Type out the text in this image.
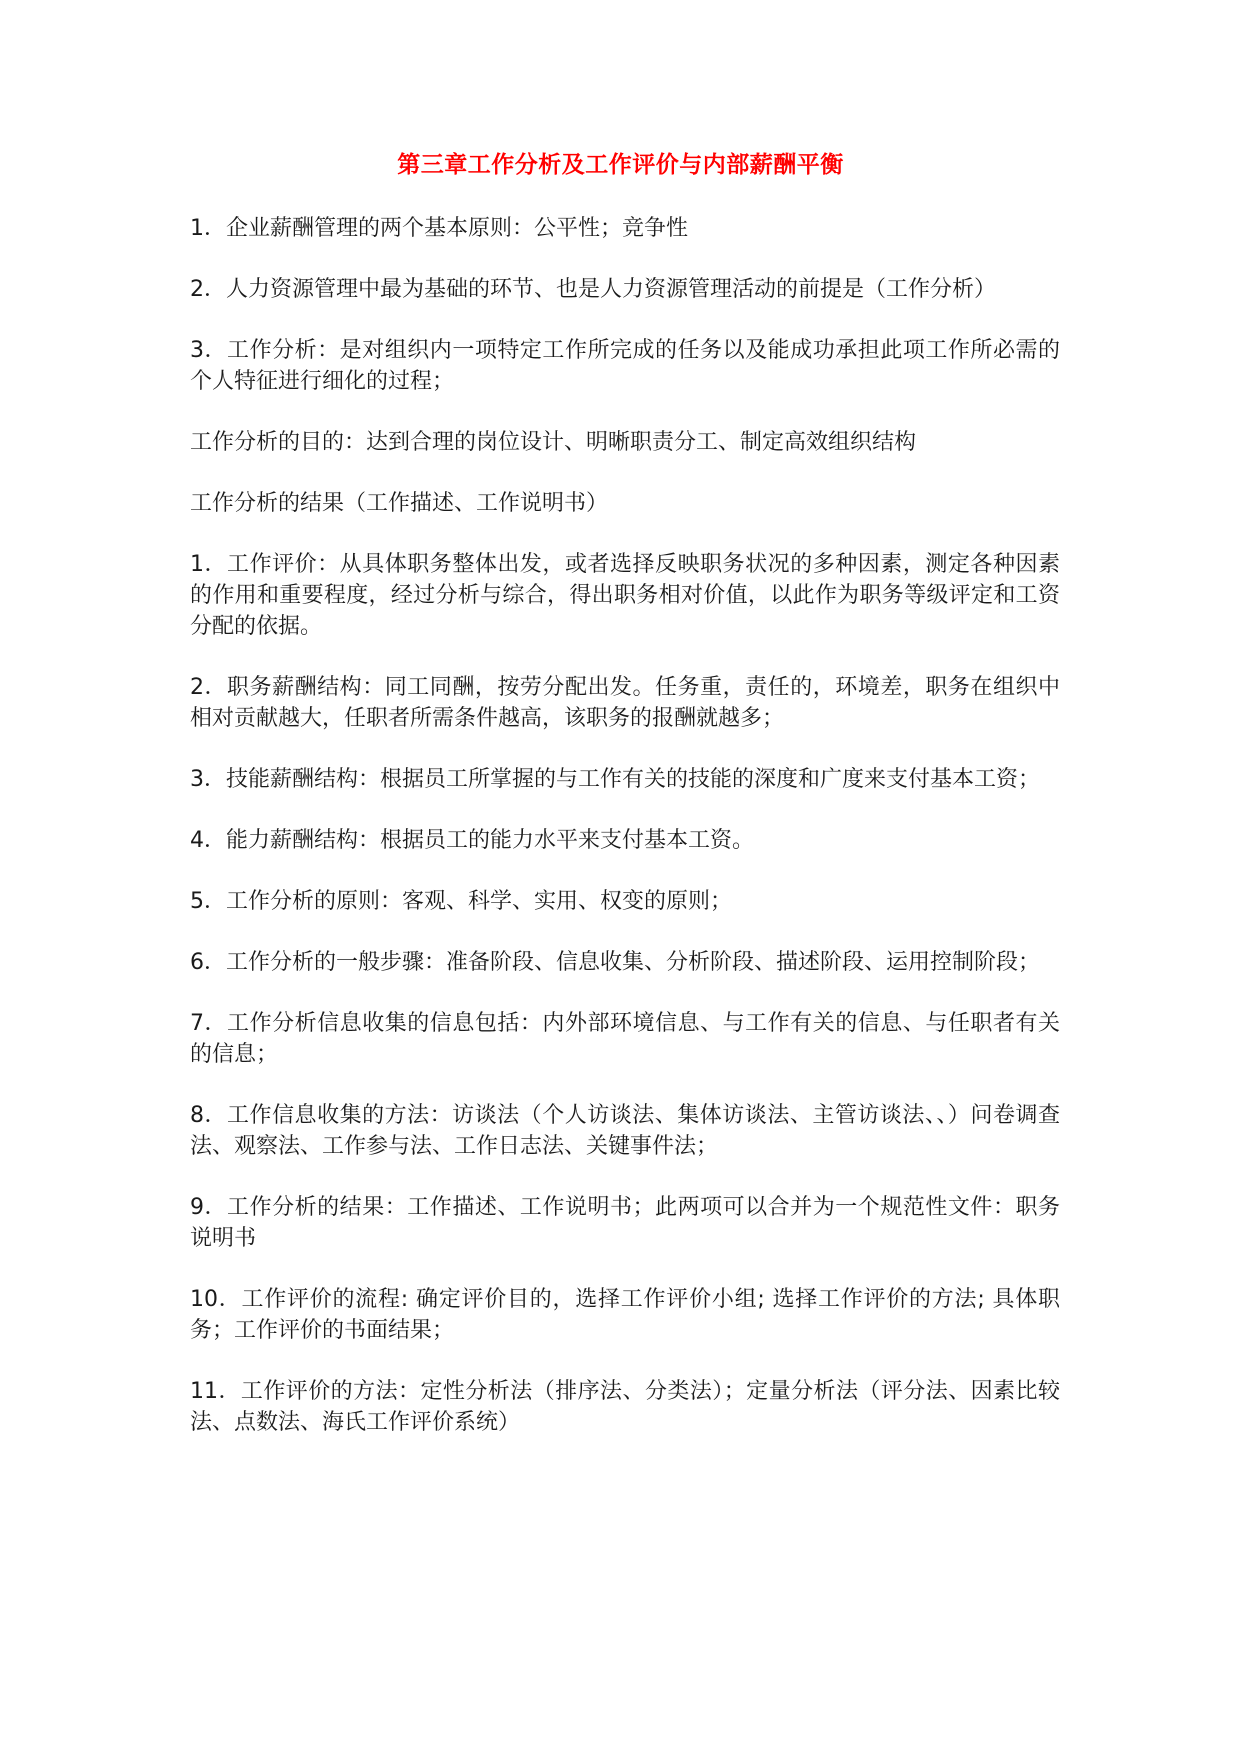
第三章工作分析及工作评价与内部薪酬平衡

1．企业薪酬管理的两个基本原则：公平性；竞争性

2．人力资源管理中最为基础的环节、也是人力资源管理活动的前提是（工作分析）

3．工作分析：是对组织内一项特定工作所完成的任务以及能成功承担此项工作所必需的个人特征进行细化的过程；

工作分析的目的：达到合理的岗位设计、明晰职责分工、制定高效组织结构

工作分析的结果（工作描述、工作说明书）

1．工作评价：从具体职务整体出发，或者选择反映职务状况的多种因素，测定各种因素的作用和重要程度，经过分析与综合，得出职务相对价值，以此作为职务等级评定和工资分配的依据。

2．职务薪酬结构：同工同酬，按劳分配出发。任务重，责任的，环境差，职务在组织中相对贡献越大，任职者所需条件越高，该职务的报酬就越多；

3．技能薪酬结构：根据员工所掌握的与工作有关的技能的深度和广度来支付基本工资；

4．能力薪酬结构：根据员工的能力水平来支付基本工资。

5．工作分析的原则：客观、科学、实用、权变的原则；

6．工作分析的一般步骤：准备阶段、信息收集、分析阶段、描述阶段、运用控制阶段；

7．工作分析信息收集的信息包括：内外部环境信息、与工作有关的信息、与任职者有关的信息；

8．工作信息收集的方法：访谈法（个人访谈法、集体访谈法、主管访谈法、、）问卷调查法、观察法、工作参与法、工作日志法、关键事件法；

9．工作分析的结果：工作描述、工作说明书；此两项可以合并为一个规范性文件：职务说明书

10．工作评价的流程: 确定评价目的，选择工作评价小组; 选择工作评价的方法; 具体职务；工作评价的书面结果；

11．工作评价的方法：定性分析法（排序法、分类法）；定量分析法（评分法、因素比较法、点数法、海氏工作评价系统）
